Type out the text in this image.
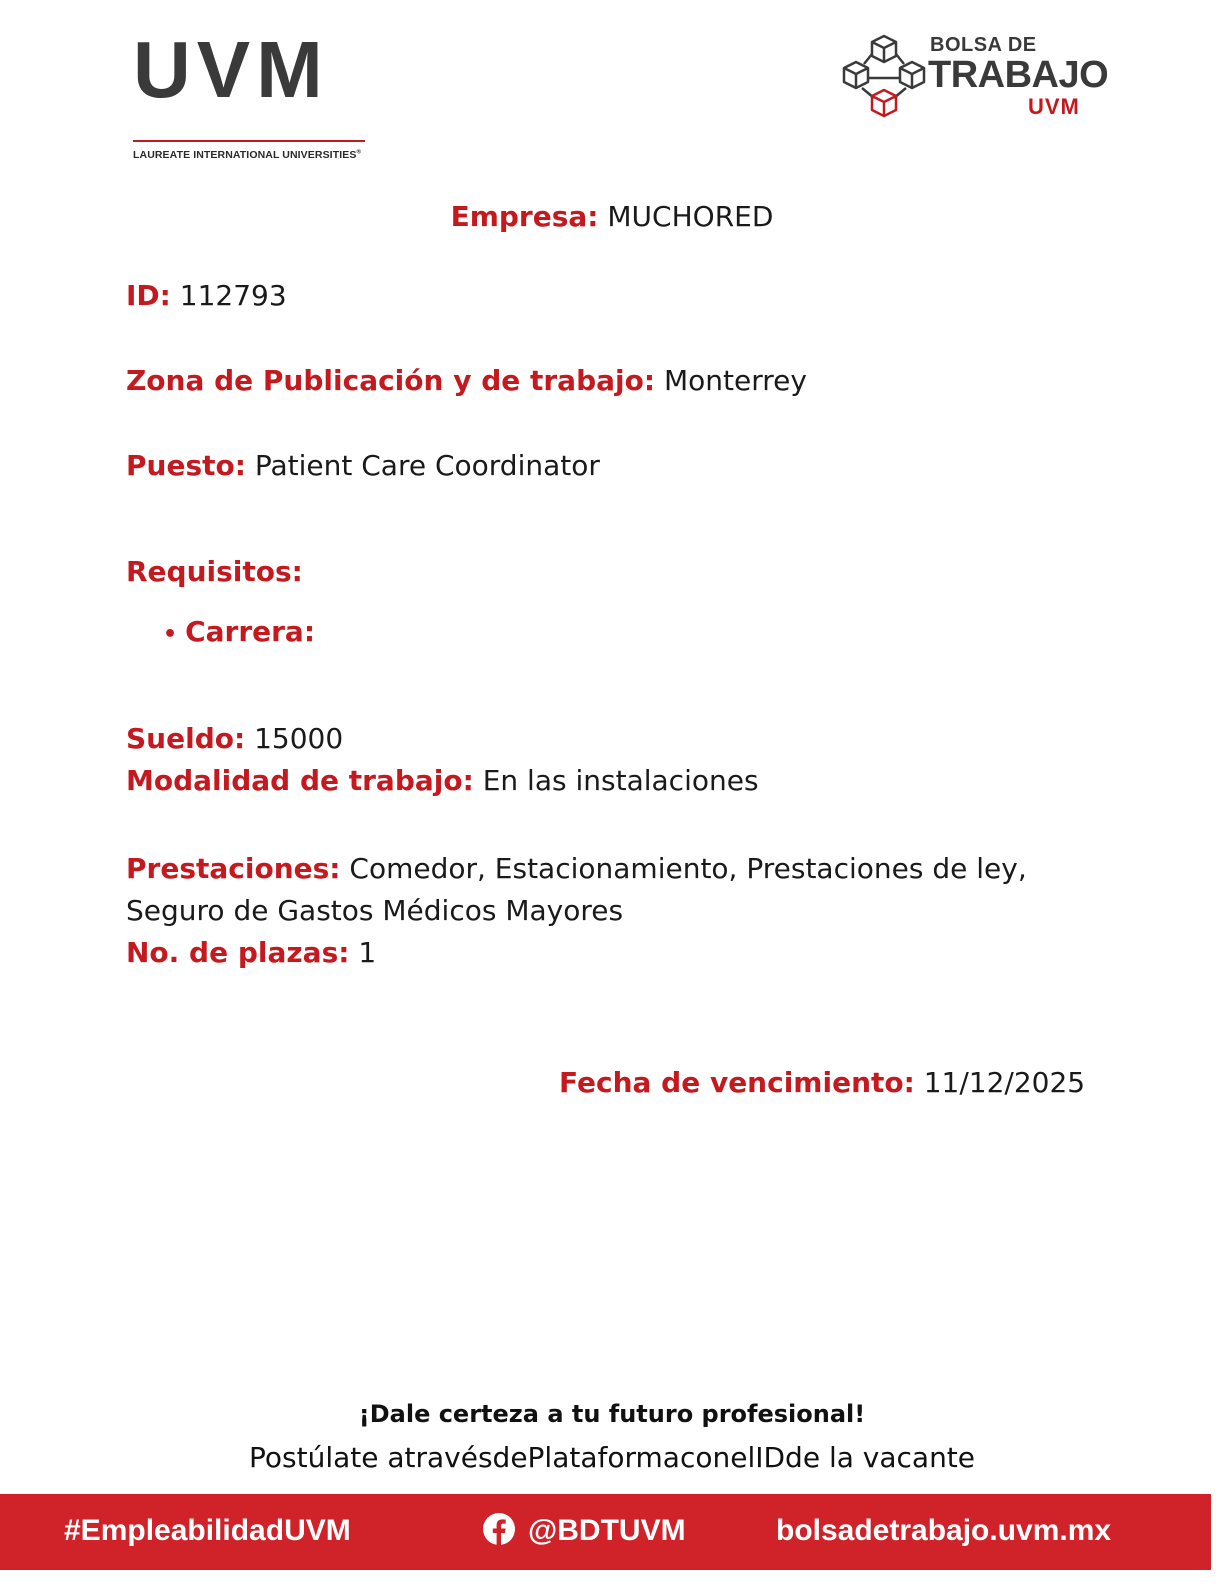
UVM
LAUREATE INTERNATIONAL UNIVERSITIES®
BOLSA DE
TRABAJO
UVM
Empresa: MUCHORED
ID: 112793
Zona de Publicación y de trabajo: Monterrey
Puesto: Patient Care Coordinator
Requisitos:
• Carrera:
Sueldo: 15000
Modalidad de trabajo: En las instalaciones
Prestaciones: Comedor, Estacionamiento, Prestaciones de ley, Seguro de Gastos Médicos Mayores
No. de plazas: 1
Fecha de vencimiento: 11/12/2025
¡Dale certeza a tu futuro profesional!
Postúlate atravésdePlataformaconelIDde la vacante
#EmpleabilidadUVM	@BDTUVM	bolsadetrabajo.uvm.mx
